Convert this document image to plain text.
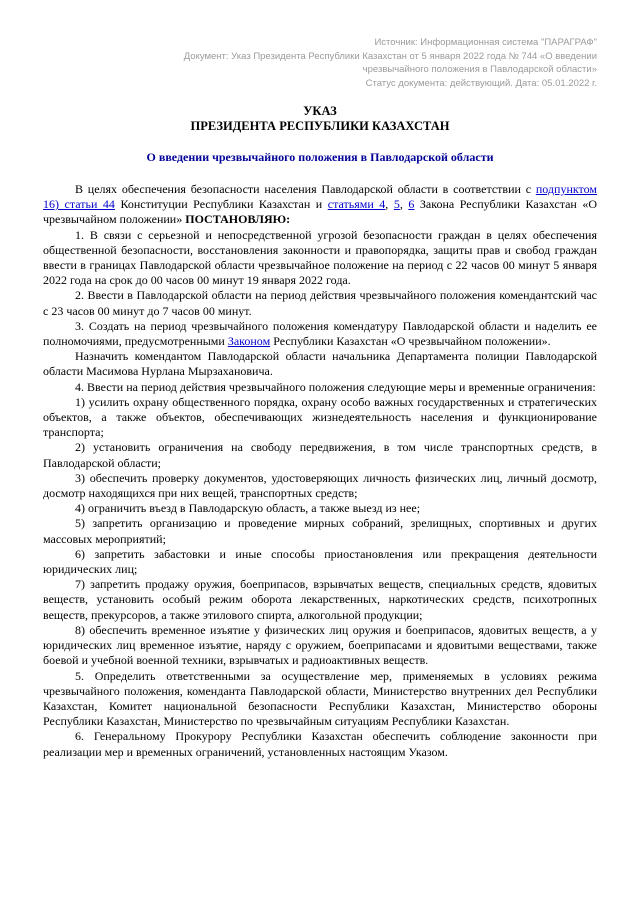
Источник: Информационная система "ПАРАГРАФ"
Документ: Указ Президента Республики Казахстан от 5 января 2022 года № 744 «О введении чрезвычайного положения в Павлодарской области»
Статус документа: действующий. Дата: 05.01.2022 г.
УКАЗ
ПРЕЗИДЕНТА РЕСПУБЛИКИ КАЗАХСТАН
О введении чрезвычайного положения в Павлодарской области

В целях обеспечения безопасности населения Павлодарской области в соответствии с подпунктом 16) статьи 44 Конституции Республики Казахстан и статьями 4, 5, 6 Закона Республики Казахстан «О чрезвычайном положении» ПОСТАНОВЛЯЮ:

1. В связи с серьезной и непосредственной угрозой безопасности граждан в целях обеспечения общественной безопасности, восстановления законности и правопорядка, защиты прав и свобод граждан ввести в границах Павлодарской области чрезвычайное положение на период с 22 часов 00 минут 5 января 2022 года на срок до 00 часов 00 минут 19 января 2022 года.

2. Ввести в Павлодарской области на период действия чрезвычайного положения комендантский час с 23 часов 00 минут до 7 часов 00 минут.

3. Создать на период чрезвычайного положения комендатуру Павлодарской области и наделить ее полномочиями, предусмотренными Законом Республики Казахстан «О чрезвычайном положении».

Назначить комендантом Павлодарской области начальника Департамента полиции Павлодарской области Масимова Нурлана Мырзахановича.

4. Ввести на период действия чрезвычайного положения следующие меры и временные ограничения:

1) усилить охрану общественного порядка, охрану особо важных государственных и стратегических объектов, а также объектов, обеспечивающих жизнедеятельность населения и функционирование транспорта;

2) установить ограничения на свободу передвижения, в том числе транспортных средств, в Павлодарской области;

3) обеспечить проверку документов, удостоверяющих личность физических лиц, личный досмотр, досмотр находящихся при них вещей, транспортных средств;

4) ограничить въезд в Павлодарскую область, а также выезд из нее;

5) запретить организацию и проведение мирных собраний, зрелищных, спортивных и других массовых мероприятий;

6) запретить забастовки и иные способы приостановления или прекращения деятельности юридических лиц;

7) запретить продажу оружия, боеприпасов, взрывчатых веществ, специальных средств, ядовитых веществ, установить особый режим оборота лекарственных, наркотических средств, психотропных веществ, прекурсоров, а также этилового спирта, алкогольной продукции;

8) обеспечить временное изъятие у физических лиц оружия и боеприпасов, ядовитых веществ, а у юридических лиц временное изъятие, наряду с оружием, боеприпасами и ядовитыми веществами, также боевой и учебной военной техники, взрывчатых и радиоактивных веществ.

5. Определить ответственными за осуществление мер, применяемых в условиях режима чрезвычайного положения, коменданта Павлодарской области, Министерство внутренних дел Республики Казахстан, Комитет национальной безопасности Республики Казахстан, Министерство обороны Республики Казахстан, Министерство по чрезвычайным ситуациям Республики Казахстан.

6. Генеральному Прокурору Республики Казахстан обеспечить соблюдение законности при реализации мер и временных ограничений, установленных настоящим Указом.
